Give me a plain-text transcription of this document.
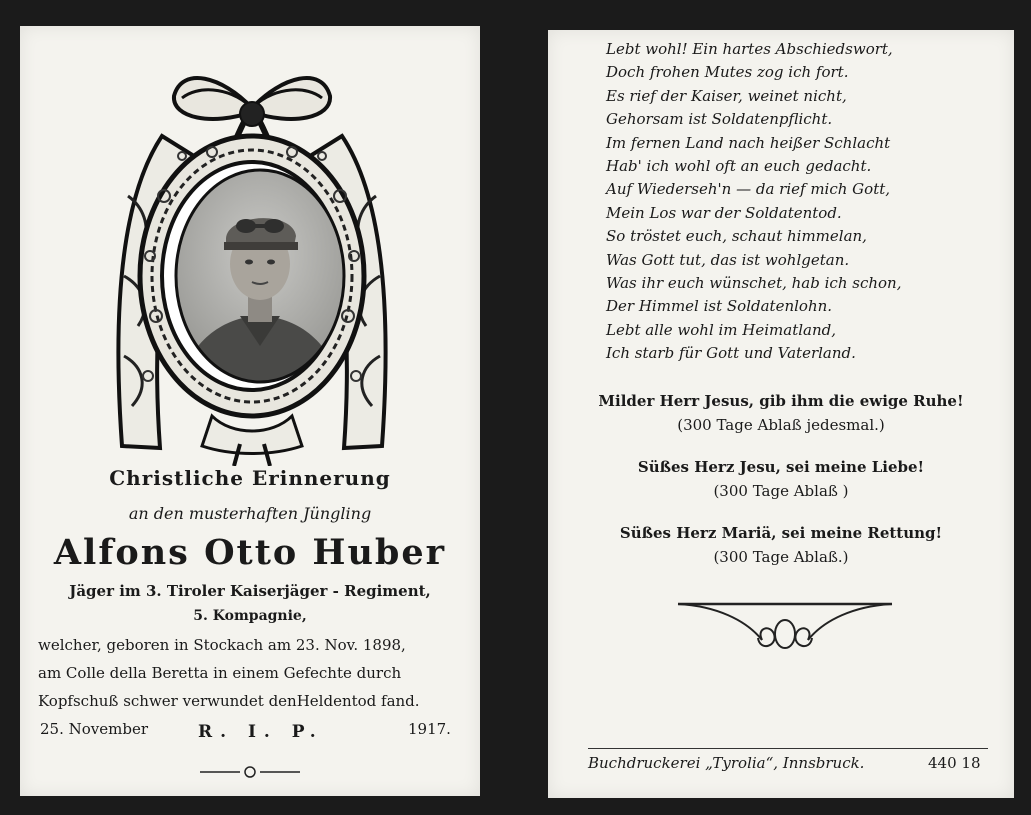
Christliche Erinnerung
an den musterhaften Jüngling
Alfons Otto Huber
Jäger im 3. Tiroler Kaiserjäger - Regiment,
5. Kompagnie,
welcher, geboren in Stockach am 23. Nov. 1898,
am Colle della Beretta in einem Gefechte durch
Kopfschuß schwer verwundet denHeldentod fand.
25. November	R. I. P.	1917.
Lebt wohl! Ein hartes Abschiedswort,
Doch frohen Mutes zog ich fort.
Es rief der Kaiser, weinet nicht,
Gehorsam ist Soldatenpflicht.
Im fernen Land nach heißer Schlacht
Hab' ich wohl oft an euch gedacht.
Auf Wiederseh'n — da rief mich Gott,
Mein Los war der Soldatentod.
So tröstet euch, schaut himmelan,
Was Gott tut, das ist wohlgetan.
Was ihr euch wünschet, hab ich schon,
Der Himmel ist Soldatenlohn.
Lebt alle wohl im Heimatland,
Ich starb für Gott und Vaterland.
Milder Herr Jesus, gib ihm die ewige Ruhe!
(300 Tage Ablaß jedesmal.)
Süßes Herz Jesu, sei meine Liebe!
(300 Tage Ablaß )
Süßes Herz Mariä, sei meine Rettung!
(300 Tage Ablaß.)
Buchdruckerei „Tyrolia“, Innsbruck.	440 18
